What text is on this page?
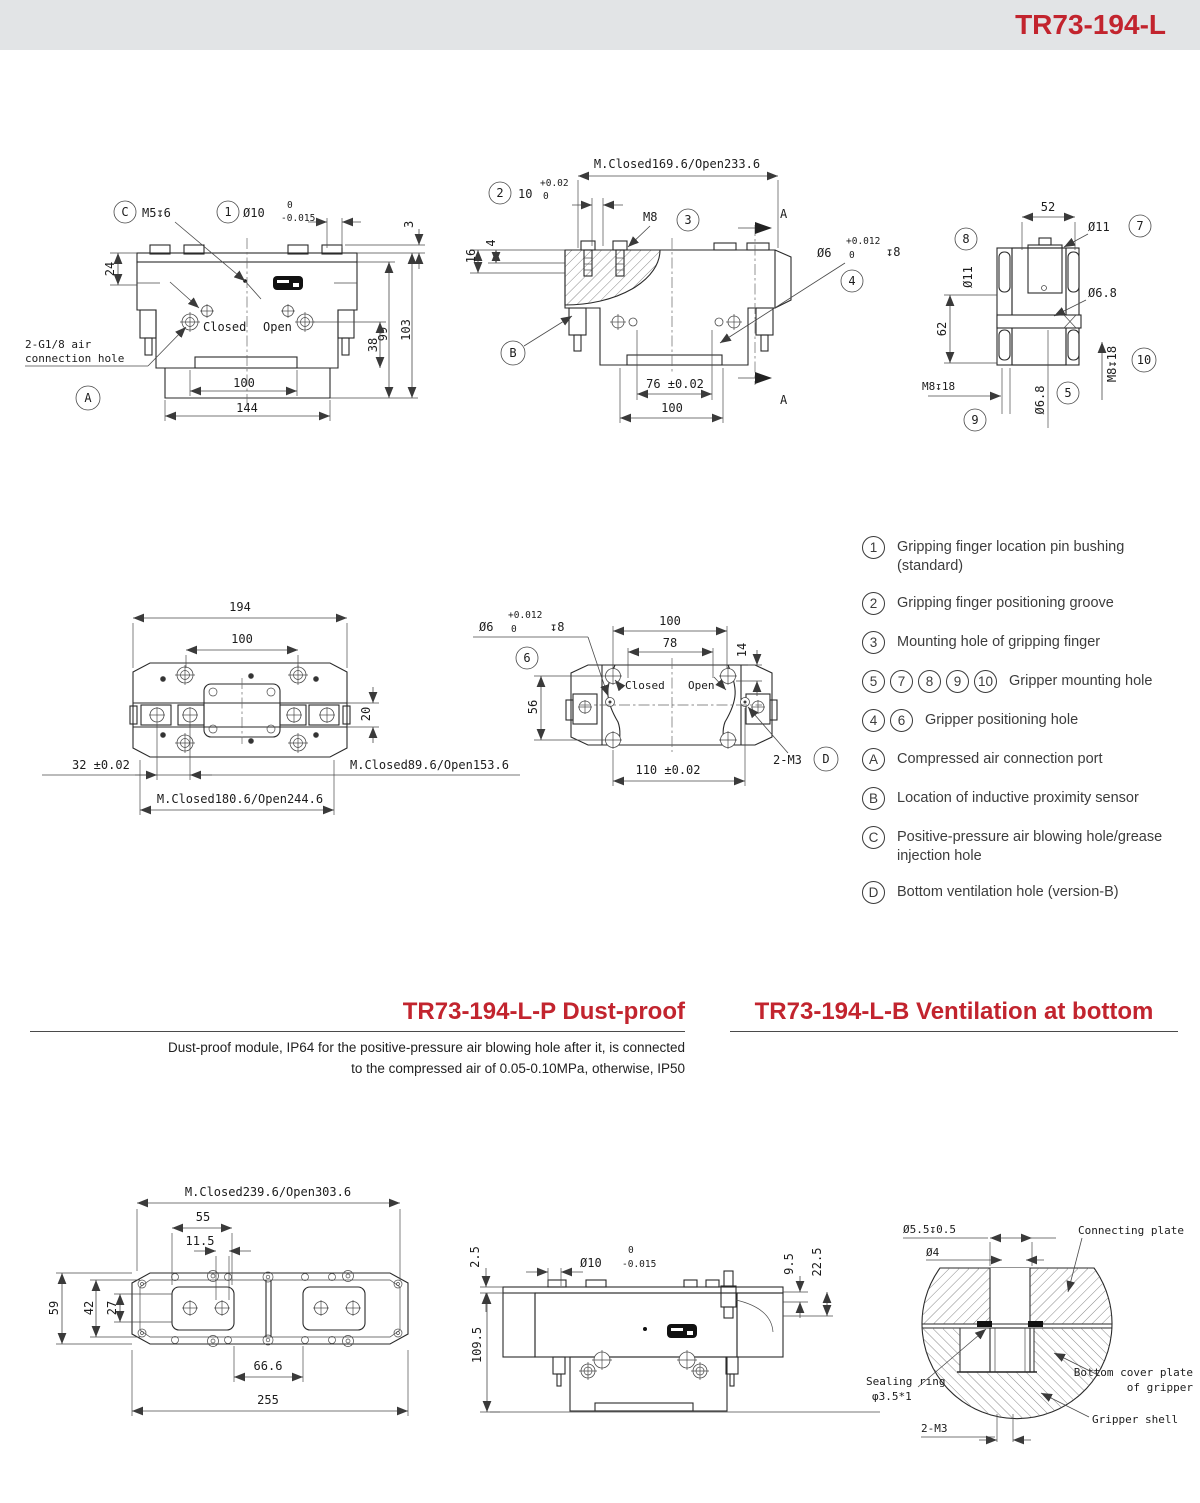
TR73-194-L
C M5↧6	1 Ø10
0
-0.015
3
24
99 103
38
100
144
Closed Open
2-G1/8 air
connection hole
A
M.Closed169.6/Open233.6
2 10
+0.02
0
M8 3
16
4
A
A
Ø6
+0.012
0	↧8
4
B
76 ±0.02
100
52
Ø11 7
8
Ø11
Ø6.8
62
M8↧18
9
Ø6.8 5
M8↧18 10
194
100
20
32 ±0.02	M.Closed89.6/Open153.6
M.Closed180.6/Open244.6
Ø6
+0.012
0	↧8
6
100
78	14
Closed Open
56
110 ±0.02
2-M3 D
1	Gripping finger location pin bushing (standard)
2	Gripping finger positioning groove
3	Mounting hole of gripping finger
5	7	8	9	10 Gripper mounting hole
4	6	Gripper positioning hole
A	Compressed air connection port
B	Location of inductive proximity sensor
C	Positive-pressure air blowing hole/grease injection hole
D	Bottom ventilation hole (version-B)
TR73-194-L-P Dust-proof
Dust-proof module, IP64 for the positive-pressure air blowing hole after it, is connected
to the compressed air of 0.05-0.10MPa, otherwise, IP50
TR73-194-L-B Ventilation at bottom
M.Closed239.6/Open303.6
55
11.5
59 42 27
66.6
255
2.5	Ø10
0
-0.015	9.5 22.5
109.5
Ø5.5↧0.5
Ø4
Connecting plate
Sealing ring
φ3.5*1
Bottom cover plate
of gripper
Gripper shell
2-M3
